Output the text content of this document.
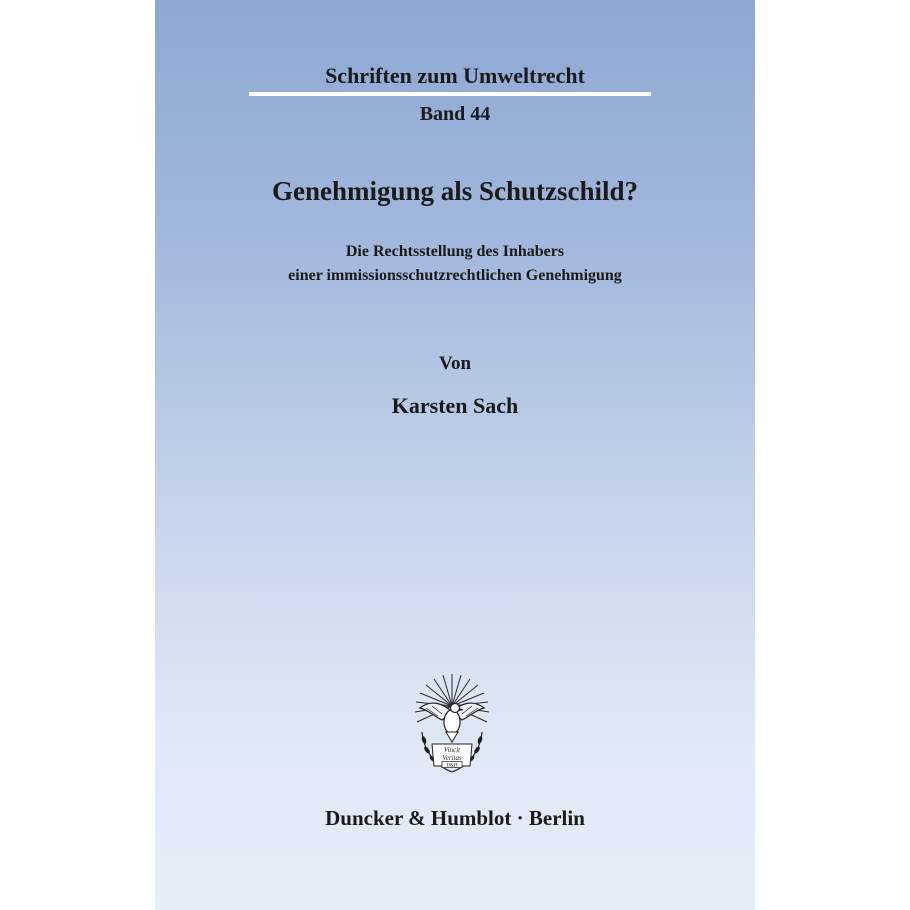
Schriften zum Umweltrecht
Band 44
Genehmigung als Schutzschild?
Die Rechtsstellung des Inhabers
einer immissionsschutzrechtlichen Genehmigung
Von
Karsten Sach
Vincit
Veritas
D&H
Duncker & Humblot · Berlin
